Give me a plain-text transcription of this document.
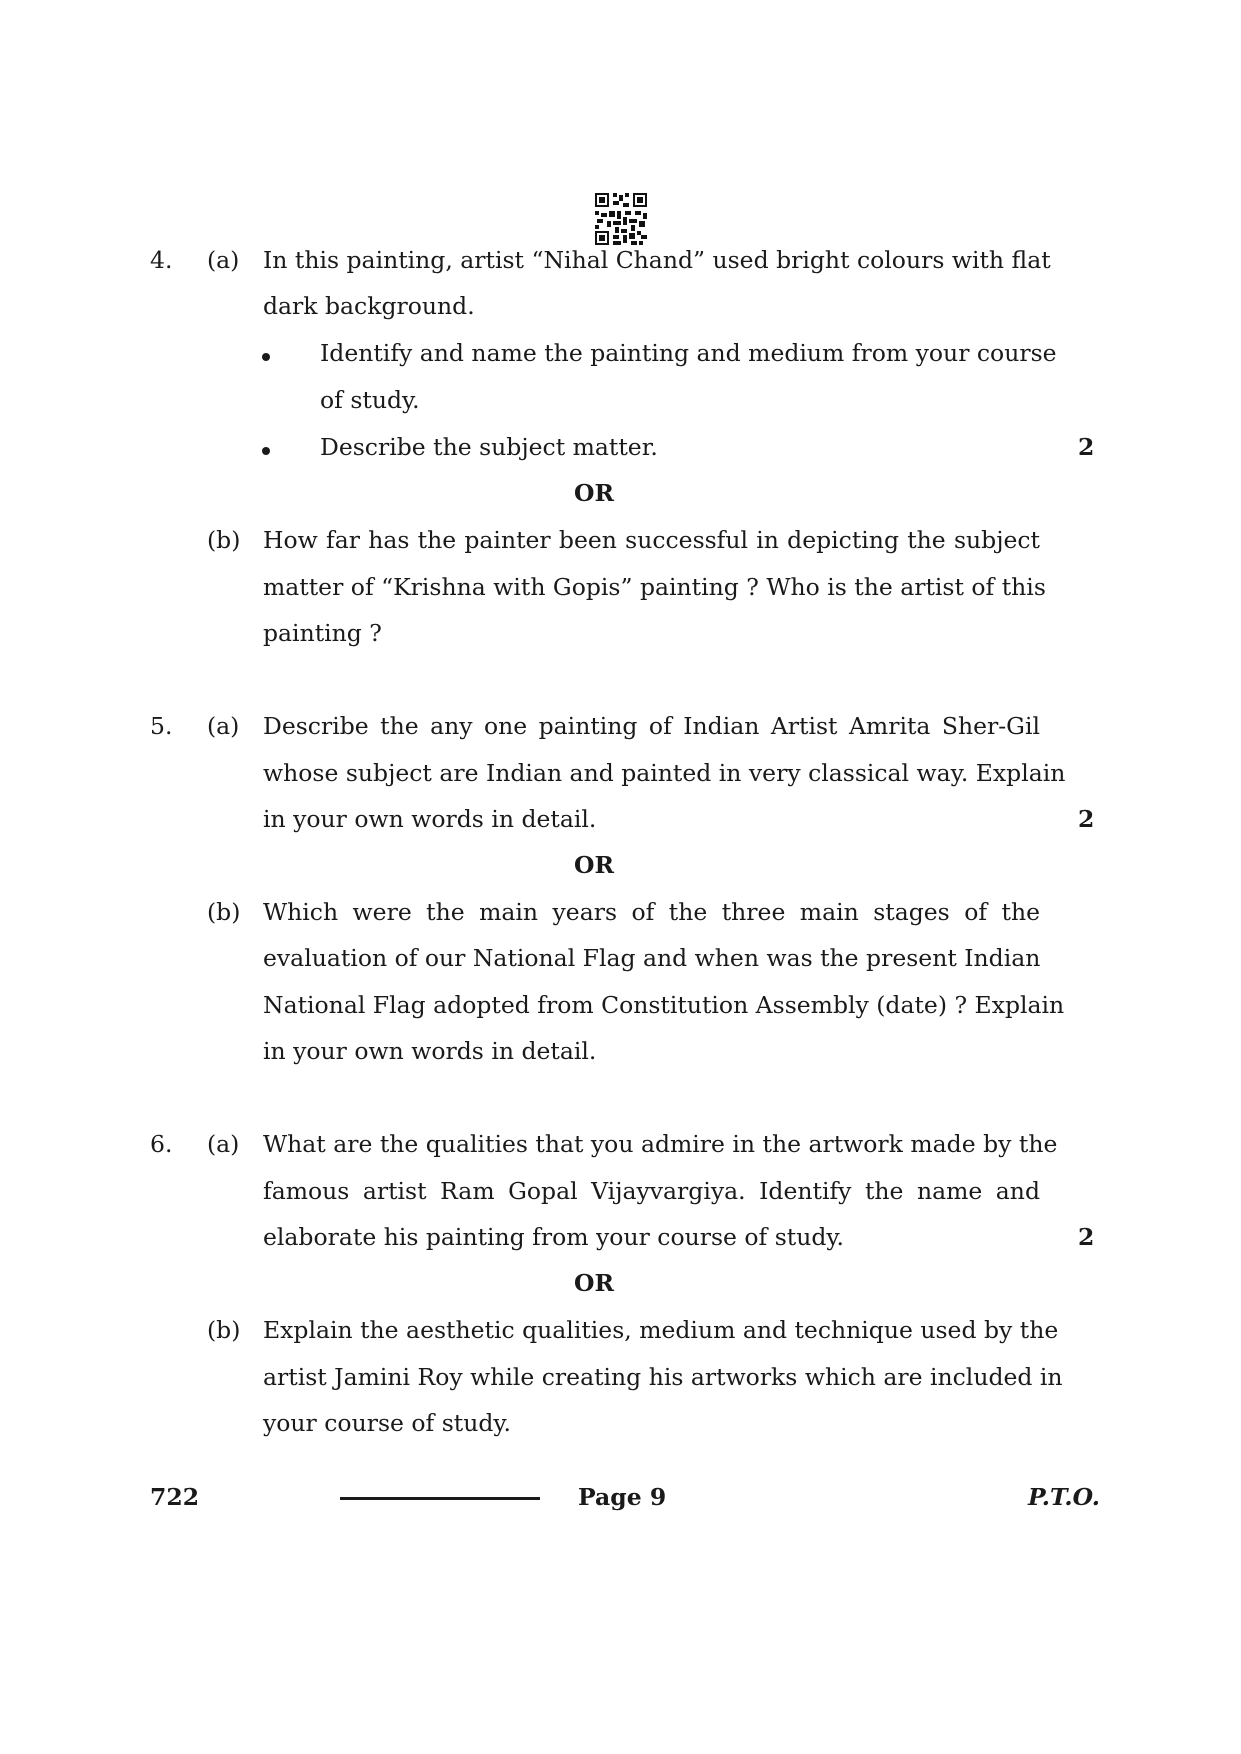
4. (a) In this painting, artist “Nihal Chand” used bright colours with flat
dark background.
Identify and name the painting and medium from your course
of study.
Describe the subject matter.	2
OR
(b) How far has the painter been successful in depicting the subject
matter of “Krishna with Gopis” painting ? Who is the artist of this
painting ?
5. (a) Describe the any one painting of Indian Artist Amrita Sher-Gil
whose subject are Indian and painted in very classical way. Explain
in your own words in detail.	2
OR
(b) Which were the main years of the three main stages of the
evaluation of our National Flag and when was the present Indian
National Flag adopted from Constitution Assembly (date) ? Explain
in your own words in detail.
6. (a) What are the qualities that you admire in the artwork made by the
famous artist Ram Gopal Vijayvargiya. Identify the name and
elaborate his painting from your course of study.	2
OR
(b) Explain the aesthetic qualities, medium and technique used by the
artist Jamini Roy while creating his artworks which are included in
your course of study.
722	Page 9	P.T.O.
